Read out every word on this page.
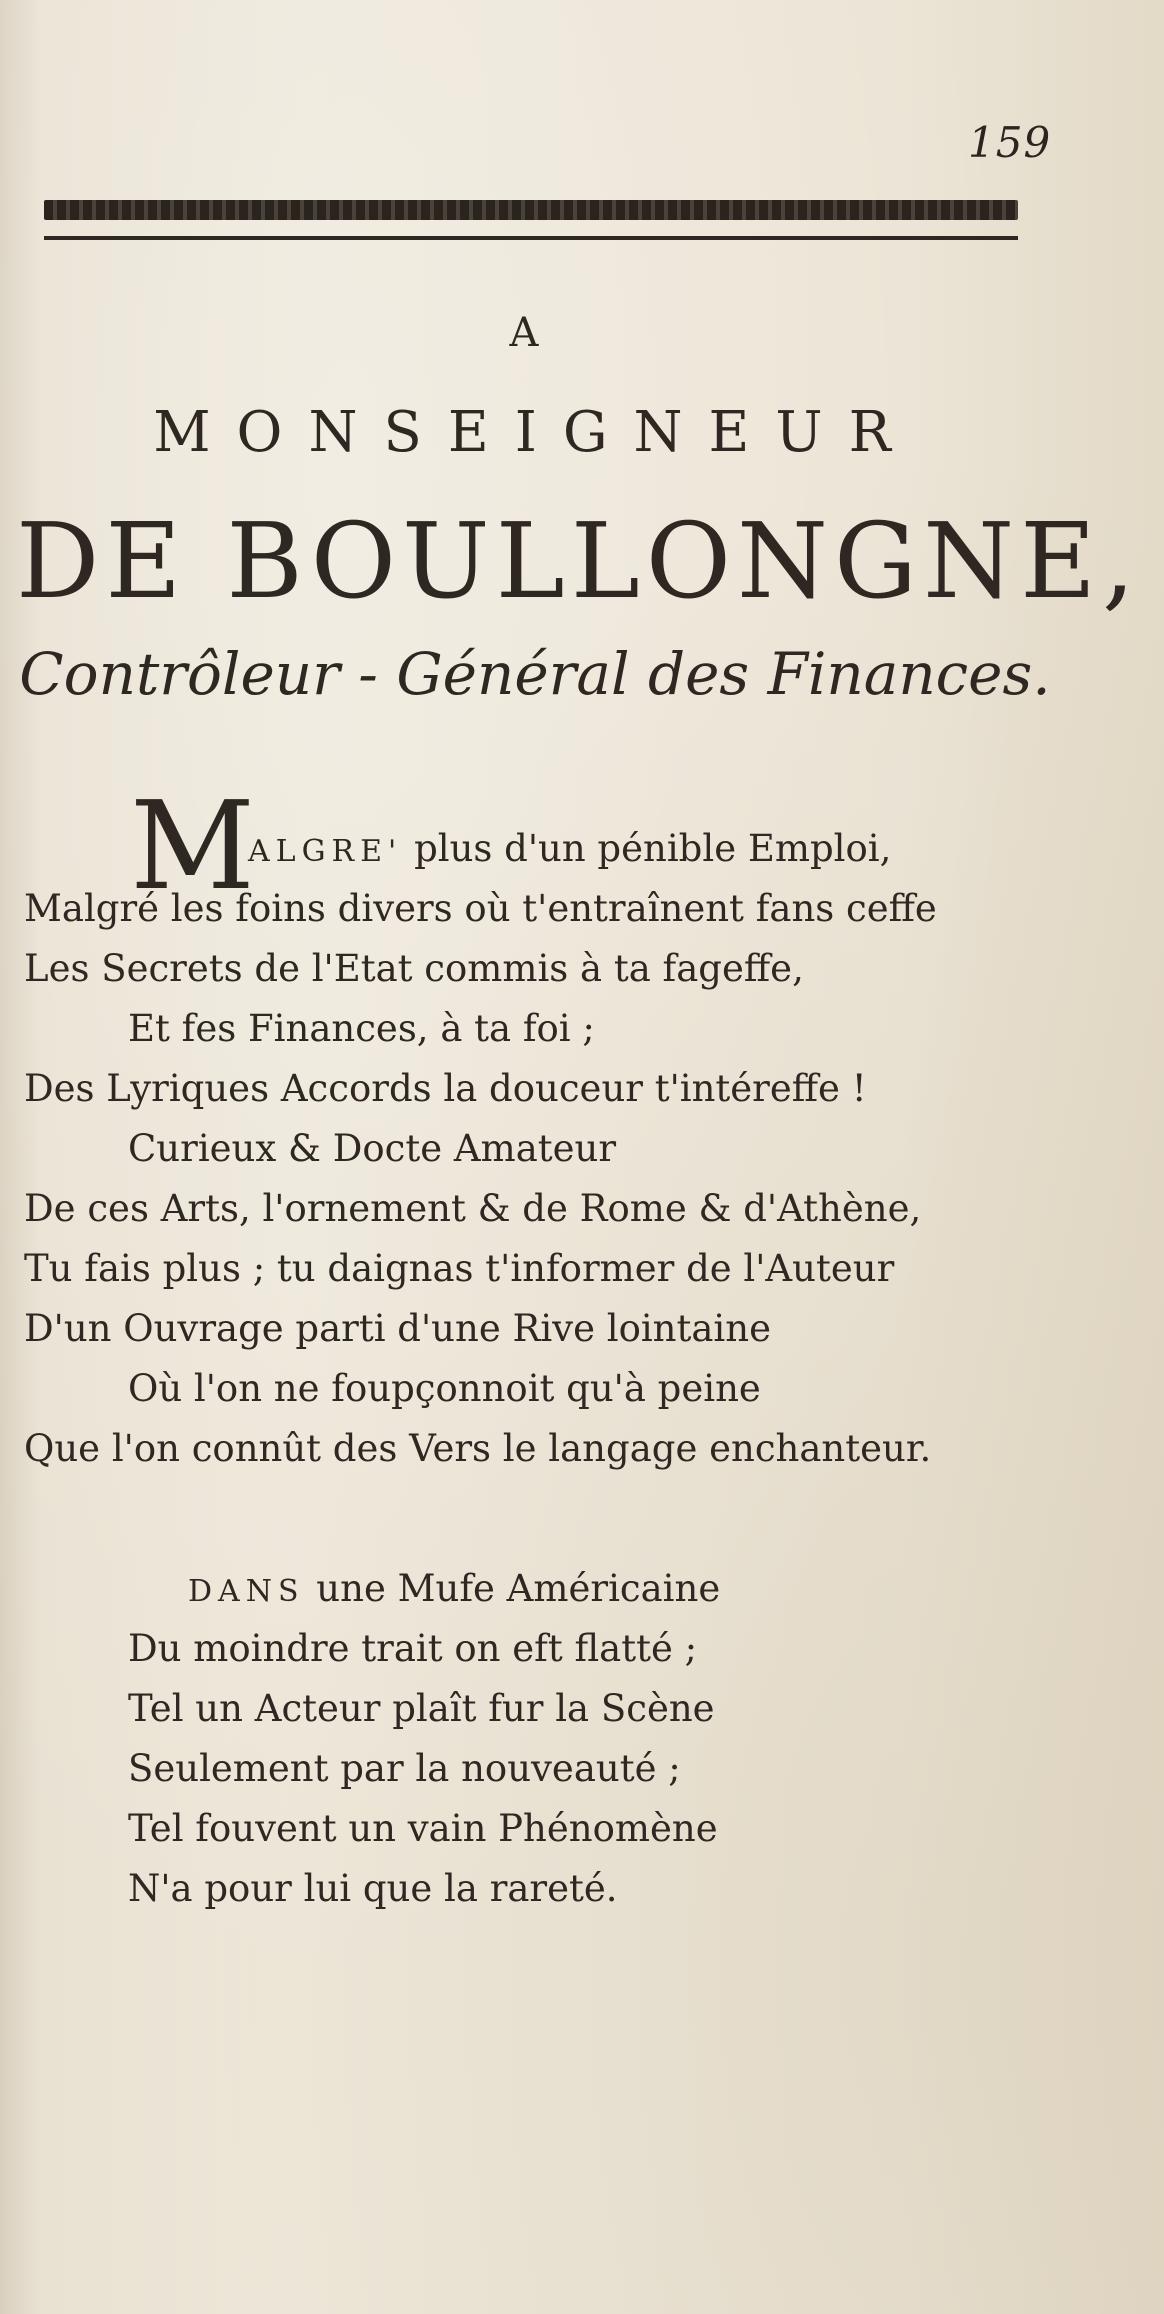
159
A
MONSEIGNEUR
DE BOULLONGNE,
Contrôleur - Général des Finances.
M
ALGRE' plus d'un pénible Emploi,
Malgré les foins divers où t'entraînent fans ceffe
Les Secrets de l'Etat commis à ta fageffe,
Et fes Finances, à ta foi ;
Des Lyriques Accords la douceur t'intéreffe !
Curieux & Docte Amateur
De ces Arts, l'ornement & de Rome & d'Athène,
Tu fais plus ; tu daignas t'informer de l'Auteur
D'un Ouvrage parti d'une Rive lointaine
Où l'on ne foupçonnoit qu'à peine
Que l'on connût des Vers le langage enchanteur.
DANS une Mufe Américaine
Du moindre trait on eft flatté ;
Tel un Acteur plaît fur la Scène
Seulement par la nouveauté ;
Tel fouvent un vain Phénomène
N'a pour lui que la rareté.
